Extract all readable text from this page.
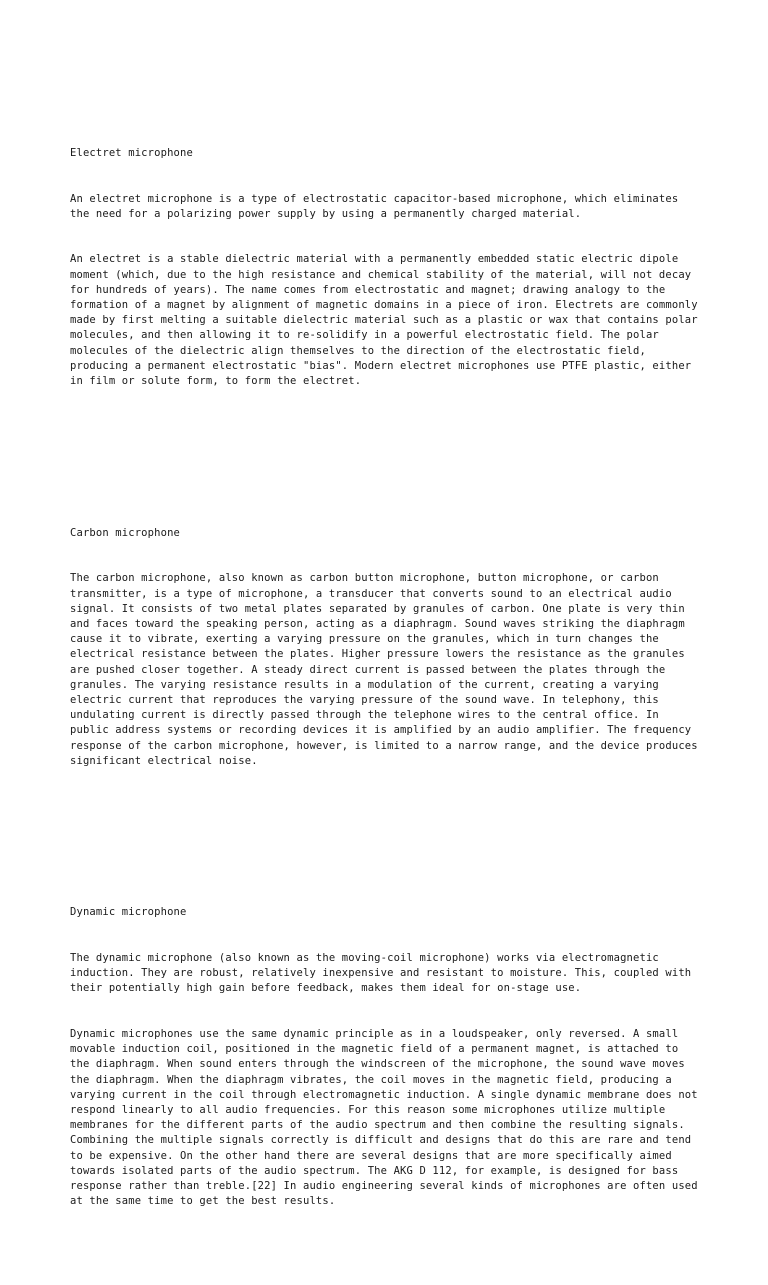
Electret microphone

An electret microphone is a type of electrostatic capacitor-based microphone, which eliminates the need for a polarizing power supply by using a permanently charged material.

An electret is a stable dielectric material with a permanently embedded static electric dipole moment (which, due to the high resistance and chemical stability of the material, will not decay for hundreds of years). The name comes from electrostatic and magnet; drawing analogy to the formation of a magnet by alignment of magnetic domains in a piece of iron. Electrets are commonly made by first melting a suitable dielectric material such as a plastic or wax that contains polar molecules, and then allowing it to re-solidify in a powerful electrostatic field. The polar molecules of the dielectric align themselves to the direction of the electrostatic field, producing a permanent electrostatic "bias". Modern electret microphones use PTFE plastic, either in film or solute form, to form the electret.

Carbon microphone

The carbon microphone, also known as carbon button microphone, button microphone, or carbon transmitter, is a type of microphone, a transducer that converts sound to an electrical audio signal. It consists of two metal plates separated by granules of carbon. One plate is very thin and faces toward the speaking person, acting as a diaphragm. Sound waves striking the diaphragm cause it to vibrate, exerting a varying pressure on the granules, which in turn changes the electrical resistance between the plates. Higher pressure lowers the resistance as the granules are pushed closer together. A steady direct current is passed between the plates through the granules. The varying resistance results in a modulation of the current, creating a varying electric current that reproduces the varying pressure of the sound wave. In telephony, this undulating current is directly passed through the telephone wires to the central office. In public address systems or recording devices it is amplified by an audio amplifier. The frequency response of the carbon microphone, however, is limited to a narrow range, and the device produces significant electrical noise.

Dynamic microphone

The dynamic microphone (also known as the moving-coil microphone) works via electromagnetic induction. They are robust, relatively inexpensive and resistant to moisture. This, coupled with their potentially high gain before feedback, makes them ideal for on-stage use.

Dynamic microphones use the same dynamic principle as in a loudspeaker, only reversed. A small movable induction coil, positioned in the magnetic field of a permanent magnet, is attached to the diaphragm. When sound enters through the windscreen of the microphone, the sound wave moves the diaphragm. When the diaphragm vibrates, the coil moves in the magnetic field, producing a varying current in the coil through electromagnetic induction. A single dynamic membrane does not respond linearly to all audio frequencies. For this reason some microphones utilize multiple membranes for the different parts of the audio spectrum and then combine the resulting signals. Combining the multiple signals correctly is difficult and designs that do this are rare and tend to be expensive. On the other hand there are several designs that are more specifically aimed towards isolated parts of the audio spectrum. The AKG D 112, for example, is designed for bass response rather than treble.[22] In audio engineering several kinds of microphones are often used at the same time to get the best results.
